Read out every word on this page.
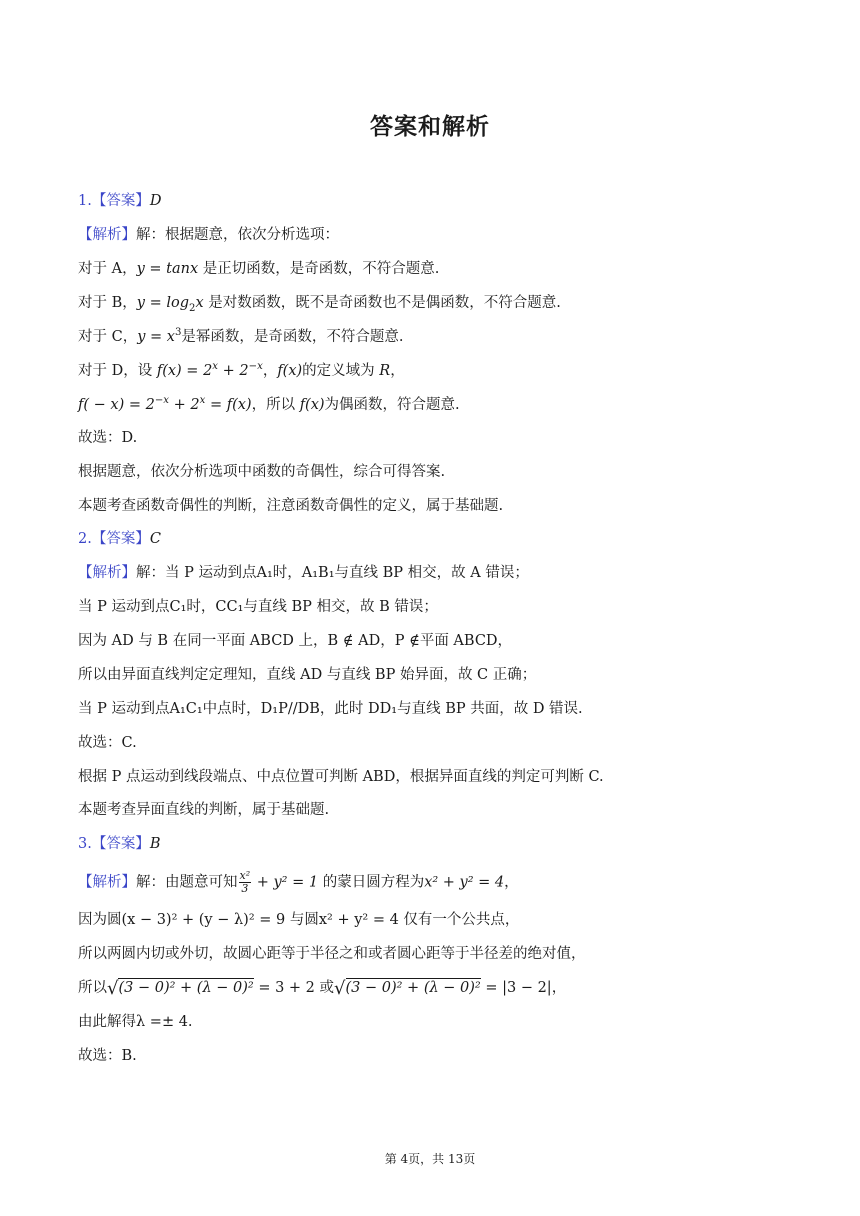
答案和解析
1.【答案】D
【解析】解：根据题意，依次分析选项：
对于 A，y = tanx 是正切函数，是奇函数，不符合题意.
对于 B，$y = \log_2x$ 是对数函数，既不是奇函数也不是偶函数，不符合题意.
对于 C，$y = x^3$是幂函数，是奇函数，不符合题意.
对于 D，设 $f(x) = 2^x + 2^{-x}$，f(x)的定义域为 R，
$f( - x) = 2^{-x} + 2^x = f(x)$，所以 f(x)为偶函数，符合题意.
故选：D.
根据题意，依次分析选项中函数的奇偶性，综合可得答案.
本题考查函数奇偶性的判断，注意函数奇偶性的定义，属于基础题.
2.【答案】C
【解析】解：当 P 运动到点A₁时，A₁B₁与直线 BP 相交，故 A 错误；
当 P 运动到点C₁时，CC₁与直线 BP 相交，故 B 错误；
因为 AD 与 B 在同一平面 ABCD 上，B ∉ AD，P ∉平面 ABCD，
所以由异面直线判定定理知，直线 AD 与直线 BP 始异面，故 C 正确；
当 P 运动到点A₁C₁中点时，D₁P//DB，此时 DD₁与直线 BP 共面，故 D 错误.
故选：C.
根据 P 点运动到线段端点、中点位置可判断 ABD，根据异面直线的判定可判断 C.
本题考查异面直线的判断，属于基础题.
3.【答案】B
【解析】解：由题意可知 $\frac{\text{x²}}{3} + y^2 = 1$ 的蒙日圆方程为x² + y² = 4，
因为圆(x − 3)² + (y − λ)² = 9 与圆x² + y² = 4 仅有一个公共点，
所以两圆内切或外切，故圆心距等于半径之和或者圆心距等于半径差的绝对值，
所以√(3 − 0)² + (λ − 0)² = 3 + 2 或√(3 − 0)² + (λ − 0)² = |3 − 2|，
由此解得λ =± 4.
故选：B.
第 4页，共 13页
